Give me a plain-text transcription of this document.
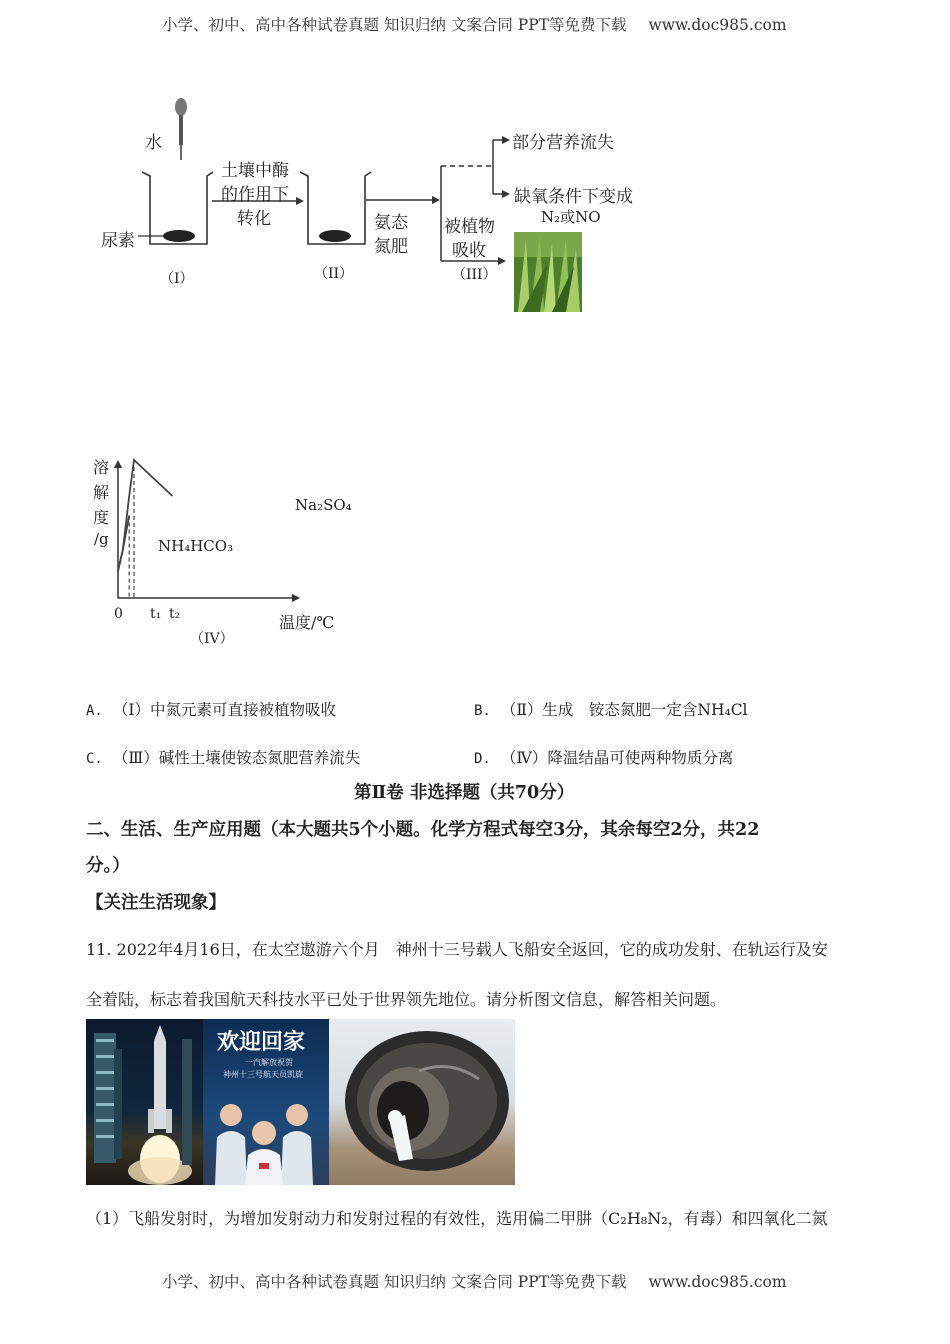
小学、初中、高中各种试卷真题 知识归纳 文案合同 PPT等免费下载 www.doc985.com
水
尿素
土壤中酶
的作用下
转化	氨态
氮肥
部分营养流失
缺氧条件下变成
N₂或NO
被植物
吸收
（I）	（II）	（III）
溶
解
度
/g
温度/℃
0 t₁ t₂
Na₂SO₄
NH₄HCO₃
（IV）
A. （Ⅰ）中氮元素可直接被植物吸收	B. （Ⅱ）生成　铵态氮肥一定含NH₄Cl
C. （Ⅲ）碱性土壤使铵态氮肥营养流失	D. （Ⅳ）降温结晶可使两种物质分离
第Ⅱ卷 非选择题（共70分）
二、生活、生产应用题（本大题共5个小题。化学方程式每空3分，其余每空2分，共22
分。）
【关注生活现象】
11. 2022年4月16日，在太空遨游六个月　神州十三号载人飞船安全返回，它的成功发射、在轨运行及安
全着陆，标志着我国航天科技水平已处于世界领先地位。请分析图文信息，解答相关问题。
欢迎回家
一汽解放祝贺
神州十三号航天员凯旋
（1）飞船发射时，为增加发射动力和发射过程的有效性，选用偏二甲肼（C₂H₈N₂，有毒）和四氧化二氮
小学、初中、高中各种试卷真题 知识归纳 文案合同 PPT等免费下载 www.doc985.com
